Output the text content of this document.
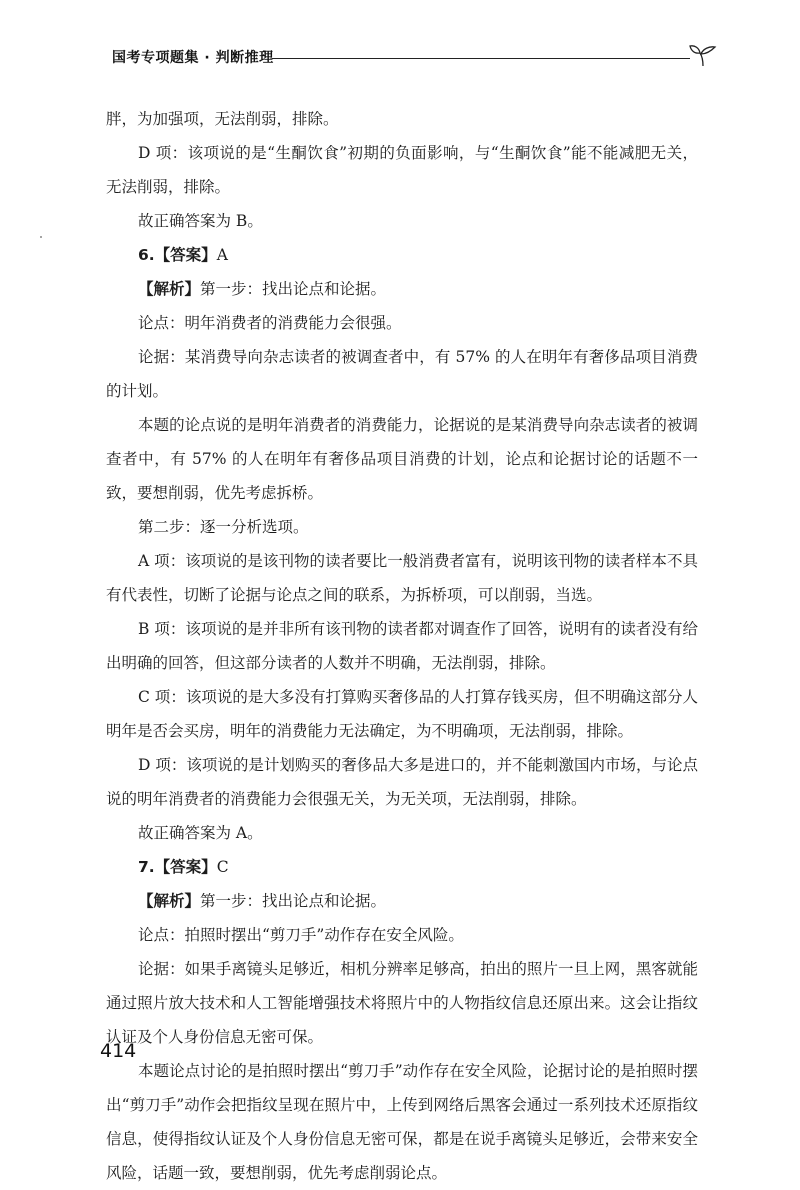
国考专项题集 · 判断推理

胖，为加强项，无法削弱，排除。

D 项：该项说的是“生酮饮食”初期的负面影响，与“生酮饮食”能不能减肥无关，无法削弱，排除。

故正确答案为 B。

6.【答案】A

【解析】第一步：找出论点和论据。

论点：明年消费者的消费能力会很强。

论据：某消费导向杂志读者的被调查者中，有 57% 的人在明年有奢侈品项目消费的计划。

本题的论点说的是明年消费者的消费能力，论据说的是某消费导向杂志读者的被调查者中，有 57% 的人在明年有奢侈品项目消费的计划，论点和论据讨论的话题不一致，要想削弱，优先考虑拆桥。

第二步：逐一分析选项。

A 项：该项说的是该刊物的读者要比一般消费者富有，说明该刊物的读者样本不具有代表性，切断了论据与论点之间的联系，为拆桥项，可以削弱，当选。

B 项：该项说的是并非所有该刊物的读者都对调查作了回答，说明有的读者没有给出明确的回答，但这部分读者的人数并不明确，无法削弱，排除。

C 项：该项说的是大多没有打算购买奢侈品的人打算存钱买房，但不明确这部分人明年是否会买房，明年的消费能力无法确定，为不明确项，无法削弱，排除。

D 项：该项说的是计划购买的奢侈品大多是进口的，并不能刺激国内市场，与论点说的明年消费者的消费能力会很强无关，为无关项，无法削弱，排除。

故正确答案为 A。

7.【答案】C

【解析】第一步：找出论点和论据。

论点：拍照时摆出“剪刀手”动作存在安全风险。

论据：如果手离镜头足够近，相机分辨率足够高，拍出的照片一旦上网，黑客就能通过照片放大技术和人工智能增强技术将照片中的人物指纹信息还原出来。这会让指纹认证及个人身份信息无密可保。

本题论点讨论的是拍照时摆出“剪刀手”动作存在安全风险，论据讨论的是拍照时摆出“剪刀手”动作会把指纹呈现在照片中，上传到网络后黑客会通过一系列技术还原指纹信息，使得指纹认证及个人身份信息无密可保，都是在说手离镜头足够近，会带来安全风险，话题一致，要想削弱，优先考虑削弱论点。

414
